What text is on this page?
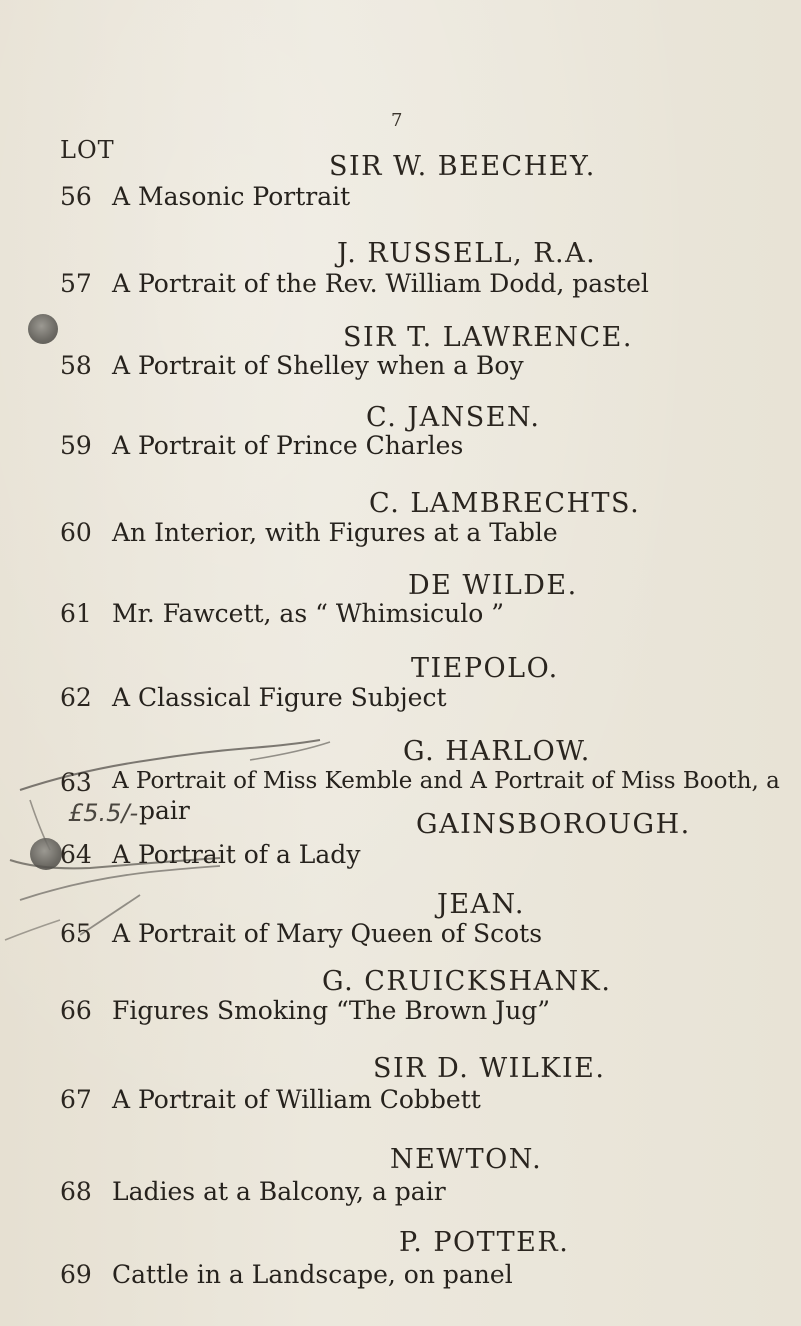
7
LOT
£5.5/-
SIR W. BEECHEY.
56 A Masonic Portrait
J. RUSSELL, R.A.
57 A Portrait of the Rev. William Dodd, pastel
SIR T. LAWRENCE.
58 A Portrait of Shelley when a Boy
C. JANSEN.
59 A Portrait of Prince Charles
C. LAMBRECHTS.
60 An Interior, with Figures at a Table
DE WILDE.
61 Mr. Fawcett, as “ Whimsiculo ”
TIEPOLO.
62 A Classical Figure Subject
G. HARLOW.
63 A Portrait of Miss Kemble and A Portrait of Miss Booth, a
pair	GAINSBOROUGH.
64 A Portrait of a Lady
JEAN.
65 A Portrait of Mary Queen of Scots
G. CRUICKSHANK.
66 Figures Smoking “The Brown Jug”
SIR D. WILKIE.
67 A Portrait of William Cobbett
NEWTON.
68 Ladies at a Balcony, a pair
P. POTTER.
69 Cattle in a Landscape, on panel
